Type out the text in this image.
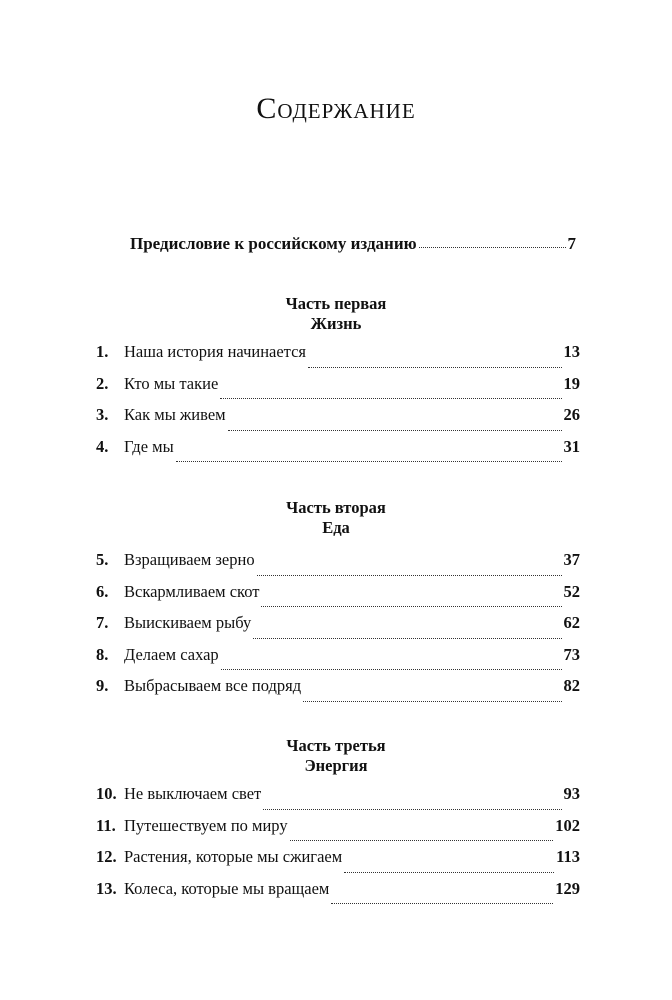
Содержание
Предисловие к российскому изданию	7
Часть первая
Жизнь
1. Наша история начинается	13
2. Кто мы такие	19
3. Как мы живем	26
4. Где мы	31
Часть вторая
Еда
5. Взращиваем зерно	37
6. Вскармливаем скот	52
7. Выискиваем рыбу	62
8. Делаем сахар	73
9. Выбрасываем все подряд	82
Часть третья
Энергия
10. Не выключаем свет	93
11. Путешествуем по миру	102
12. Растения, которые мы сжигаем	113
13. Колеса, которые мы вращаем	129
